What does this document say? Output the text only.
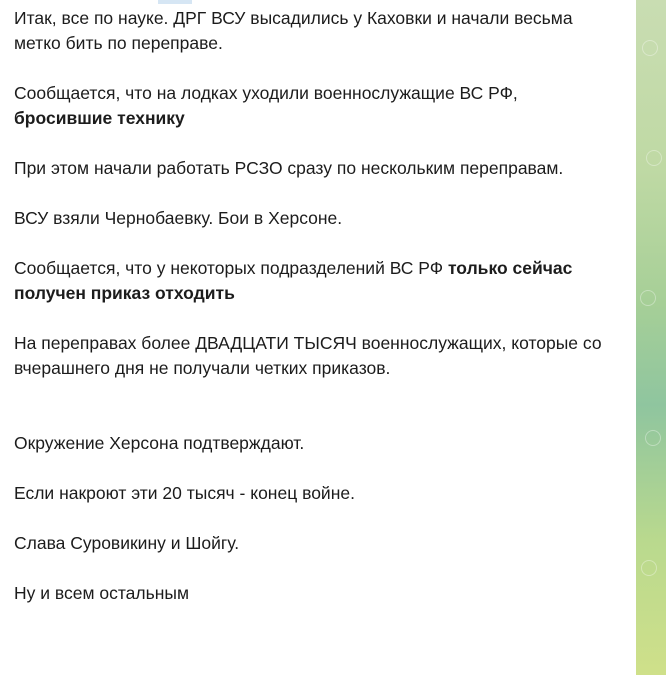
Итак, все по науке. ДРГ ВСУ высадились у Каховки и начали весьма метко бить по переправе.

Сообщается, что на лодках уходили военнослужащие ВС РФ, бросившие технику

При этом начали работать РСЗО сразу по нескольким переправам.

ВСУ взяли Чернобаевку. Бои в Херсоне.

Сообщается, что у некоторых подразделений ВС РФ только сейчас получен приказ отходить

На переправах более ДВАДЦАТИ ТЫСЯЧ военнослужащих, которые со вчерашнего дня не получали четких приказов.

Окружение Херсона подтверждают.

Если накроют эти 20 тысяч - конец войне.

Слава Суровикину и Шойгу.

Ну и всем остальным
